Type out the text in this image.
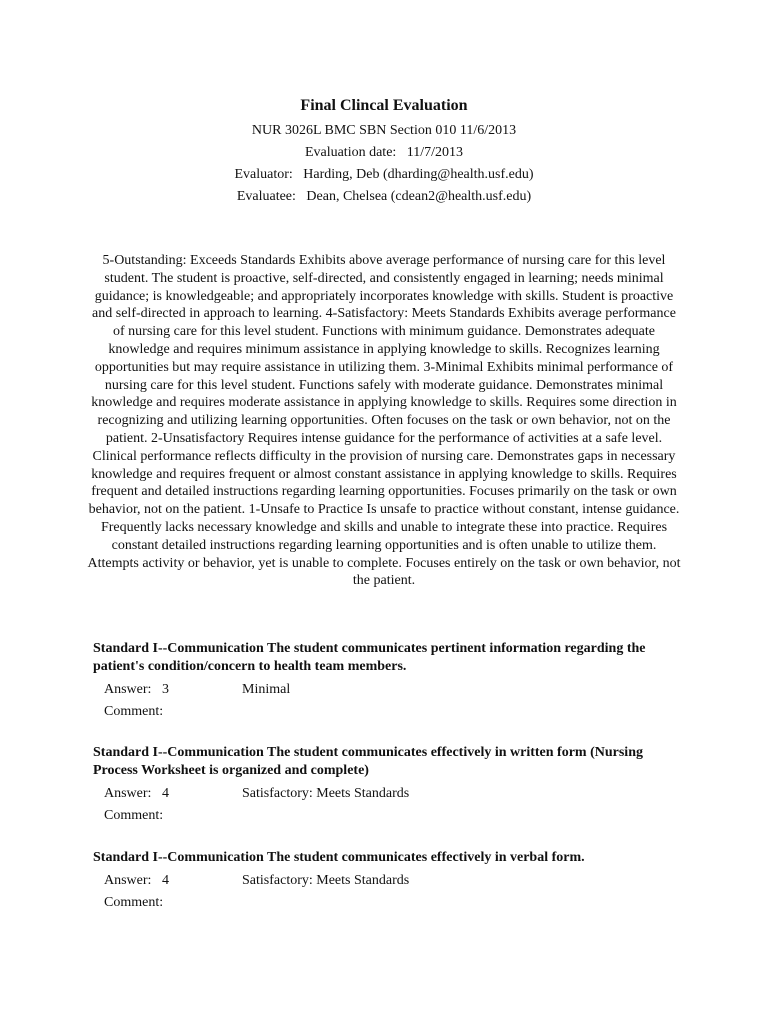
Final Clincal Evaluation
NUR 3026L BMC SBN Section 010 11/6/2013
Evaluation date:   11/7/2013
Evaluator:   Harding, Deb (dharding@health.usf.edu)
Evaluatee:   Dean, Chelsea (cdean2@health.usf.edu)
5-Outstanding: Exceeds Standards Exhibits above average performance of nursing care for this level student. The student is proactive, self-directed, and consistently engaged in learning; needs minimal guidance; is knowledgeable; and appropriately incorporates knowledge with skills. Student is proactive and self-directed in approach to learning. 4-Satisfactory: Meets Standards Exhibits average performance of nursing care for this level student. Functions with minimum guidance. Demonstrates adequate knowledge and requires minimum assistance in applying knowledge to skills. Recognizes learning opportunities but may require assistance in utilizing them. 3-Minimal Exhibits minimal performance of nursing care for this level student. Functions safely with moderate guidance. Demonstrates minimal knowledge and requires moderate assistance in applying knowledge to skills. Requires some direction in recognizing and utilizing learning opportunities. Often focuses on the task or own behavior, not on the patient. 2-Unsatisfactory Requires intense guidance for the performance of activities at a safe level. Clinical performance reflects difficulty in the provision of nursing care. Demonstrates gaps in necessary knowledge and requires frequent or almost constant assistance in applying knowledge to skills. Requires frequent and detailed instructions regarding learning opportunities. Focuses primarily on the task or own behavior, not on the patient. 1-Unsafe to Practice Is unsafe to practice without constant, intense guidance. Frequently lacks necessary knowledge and skills and unable to integrate these into practice. Requires constant detailed instructions regarding learning opportunities and is often unable to utilize them. Attempts activity or behavior, yet is unable to complete. Focuses entirely on the task or own behavior, not the patient.
Standard I--Communication The student communicates pertinent information regarding the patient's condition/concern to health team members.
Answer: 3	Minimal
Comment:
Standard I--Communication The student communicates effectively in written form (Nursing Process Worksheet is organized and complete)
Answer: 4	Satisfactory: Meets Standards
Comment:
Standard I--Communication The student communicates effectively in verbal form.
Answer: 4	Satisfactory: Meets Standards
Comment:
